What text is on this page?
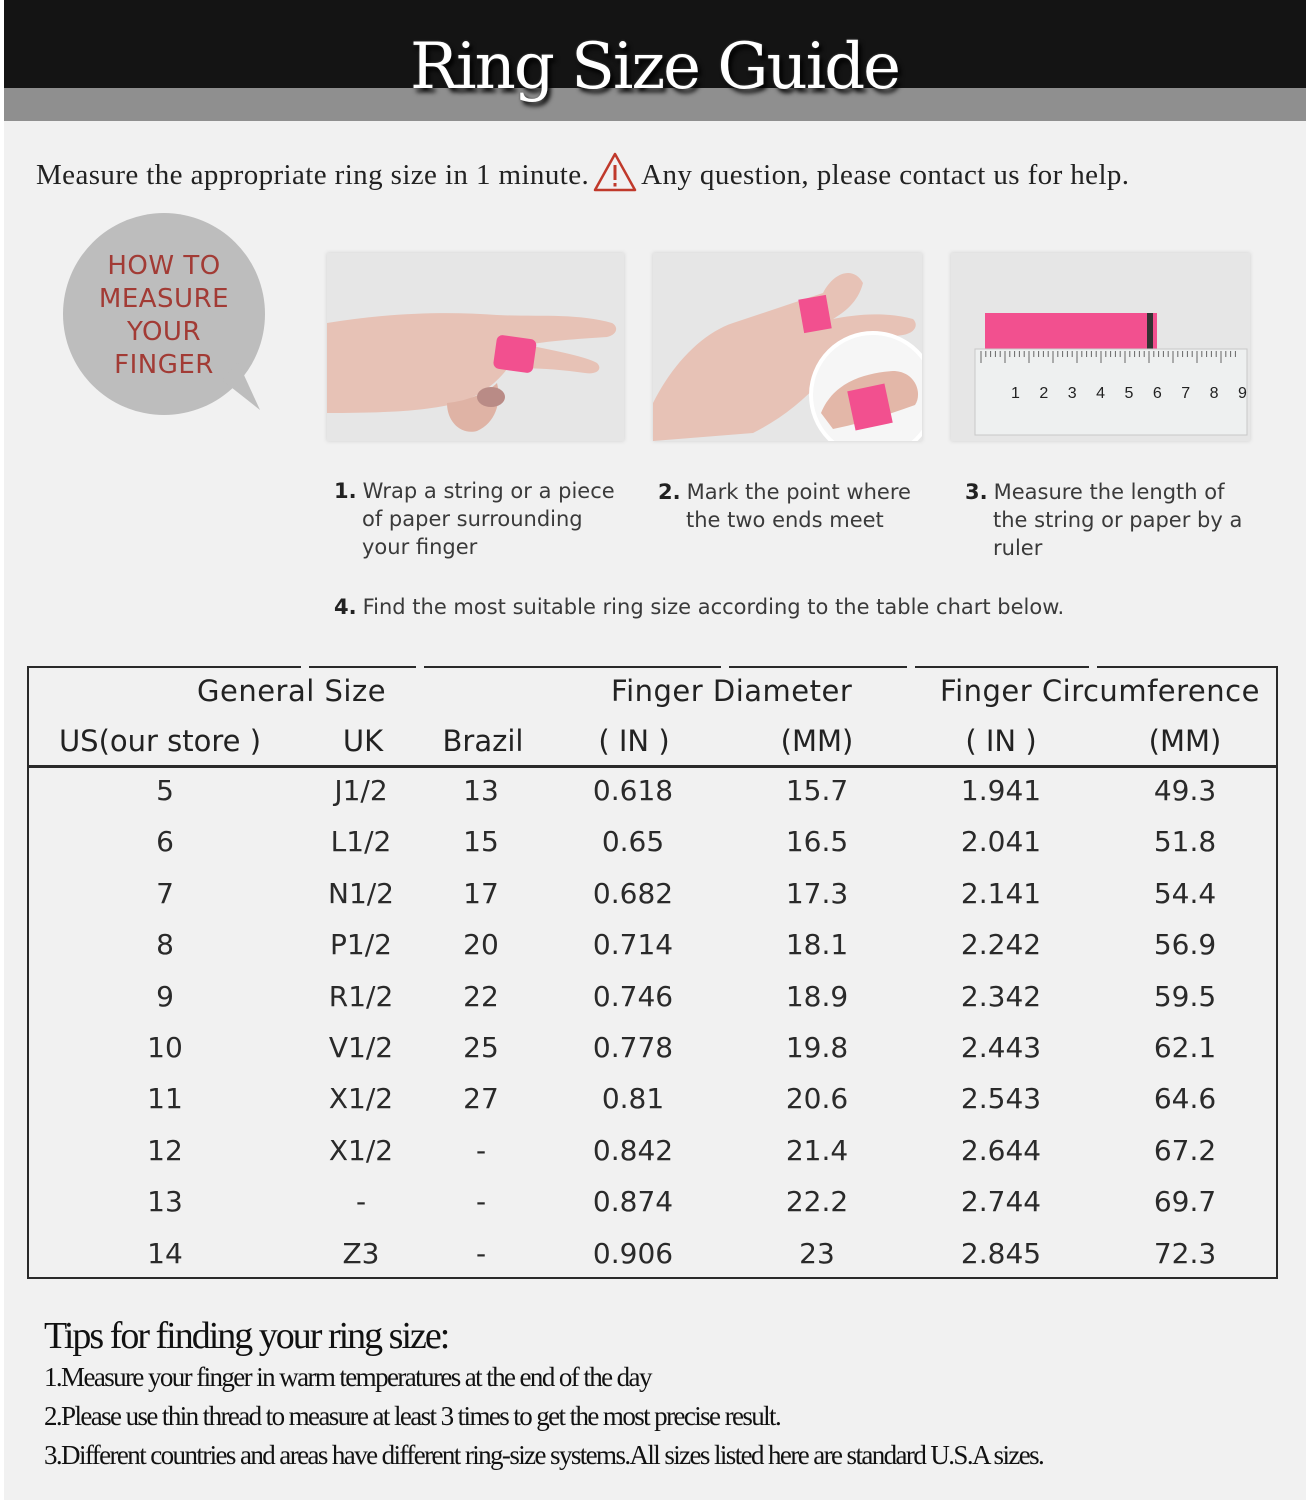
Ring Size Guide
Measure the appropriate ring size in 1 minute. Any question, please contact us for help.
HOW TO
MEASURE
YOUR
FINGER
1 2 3 4 5 6 7 8 9
1. Wrap a string or a piece
of paper surrounding
your finger
2. Mark the point where
the two ends meet
3. Measure the length of
the string or paper by a
ruler
4. Find the most suitable ring size according to the table chart below.
General Size	Finger Diameter	Finger Circumference
US(our store )	UK Brazil	( IN )	(MM)	( IN )	(MM)
5	J1/2	13	0.618	15.7	1.941	49.3
6	L1/2	15	0.65	16.5	2.041	51.8
7	N1/2 17	0.682	17.3	2.141	54.4
8	P1/2	20	0.714	18.1	2.242	56.9
9	R1/2 22	0.746	18.9	2.342	59.5
10	V1/2	25	0.778	19.8	2.443	62.1
11	X1/2	27	0.81	20.6	2.543	64.6
12	X1/2	-	0.842	21.4	2.644	67.2
13	-	-	0.874	22.2	2.744	69.7
14	Z3	-	0.906	23	2.845	72.3
Tips for finding your ring size:
1.Measure your finger in warm temperatures at the end of the day
2.Please use thin thread to measure at least 3 times to get the most precise result.
3.Different countries and areas have different ring-size systems.All sizes listed here are standard U.S.A sizes.
